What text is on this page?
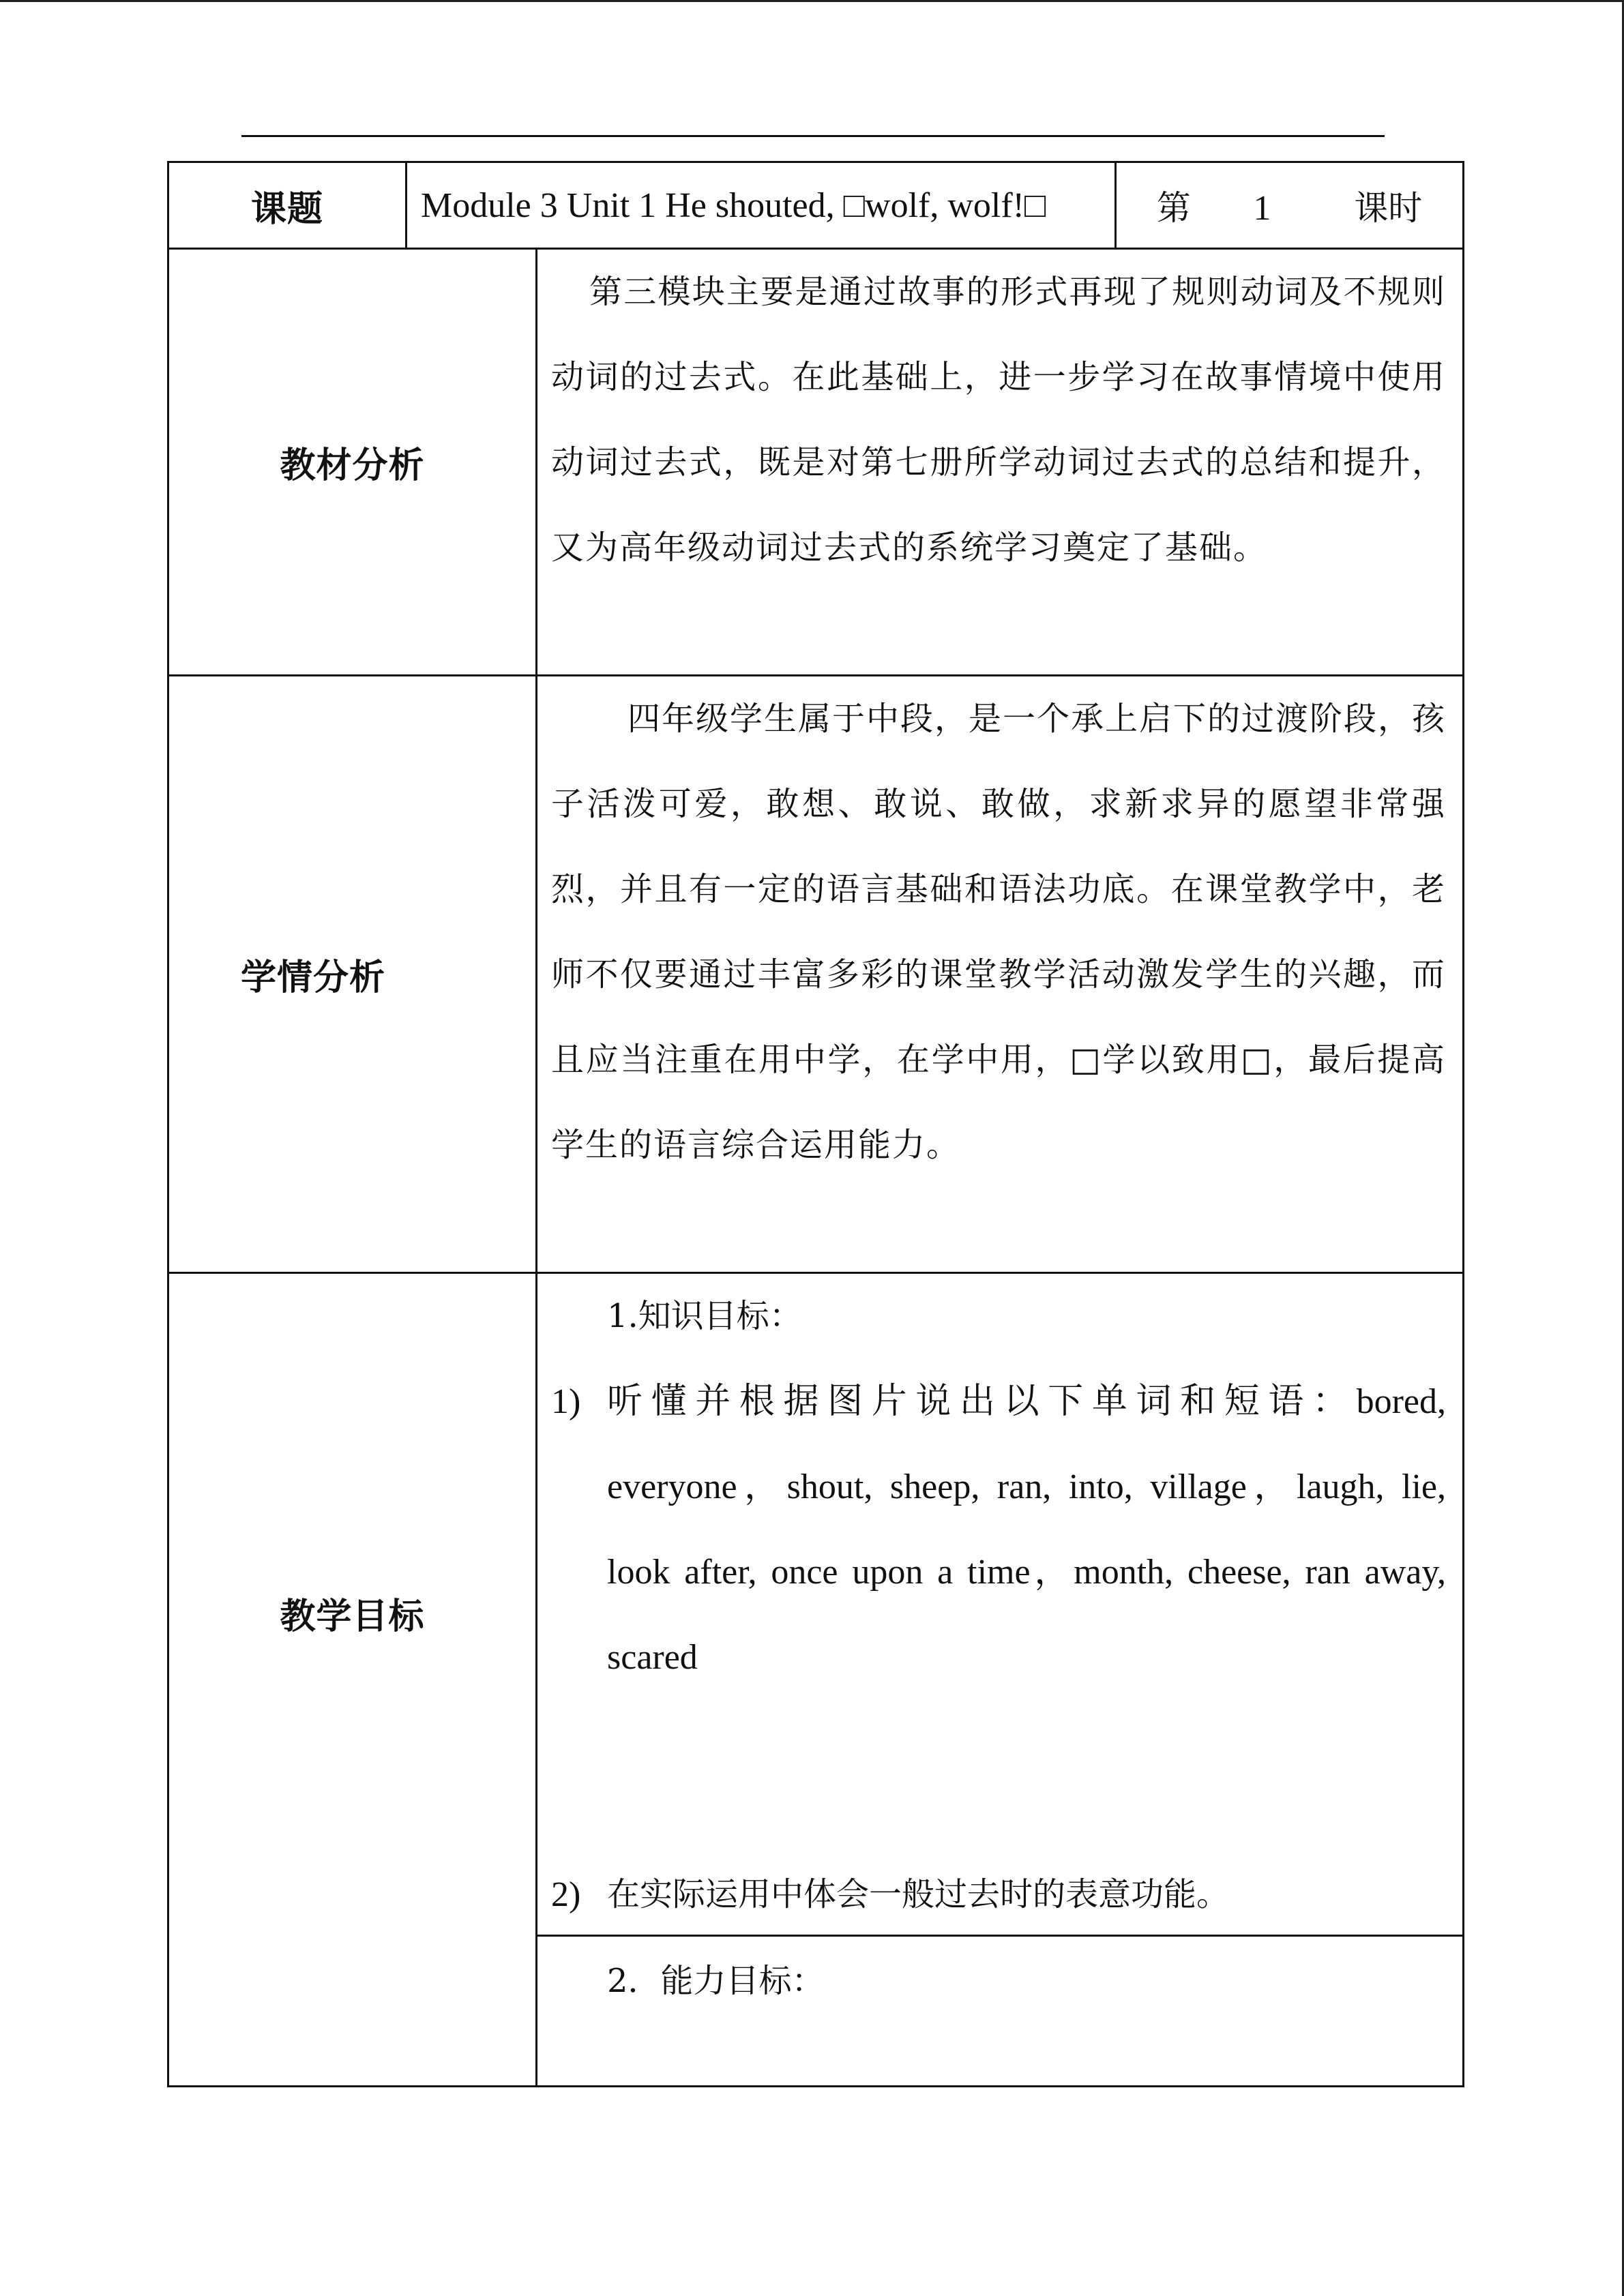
课题	Module 3 Unit 1 He shouted, □wolf, wolf!□	第 1 课时
教材分析
第三模块主要是通过故事的形式再现了规则动词及不规则动词的过去式。在此基础上，进一步学习在故事情境中使用动词过去式，既是对第七册所学动词过去式的总结和提升，又为高年级动词过去式的系统学习奠定了基础。
学情分析
四年级学生属于中段，是一个承上启下的过渡阶段，孩子活泼可爱，敢想、敢说、敢做，求新求异的愿望非常强烈，并且有一定的语言基础和语法功底。在课堂教学中，老师不仅要通过丰富多彩的课堂教学活动激发学生的兴趣，而且应当注重在用中学，在学中用，□学以致用□，最后提高学生的语言综合运用能力。
教学目标
1.知识目标：
1) 听懂并根据图片说出以下单词和短语：bored, everyone，shout, sheep, ran, into, village，laugh, lie, look after, once upon a time，month, cheese, ran away, scared
2) 在实际运用中体会一般过去时的表意功能。
2．能力目标：
